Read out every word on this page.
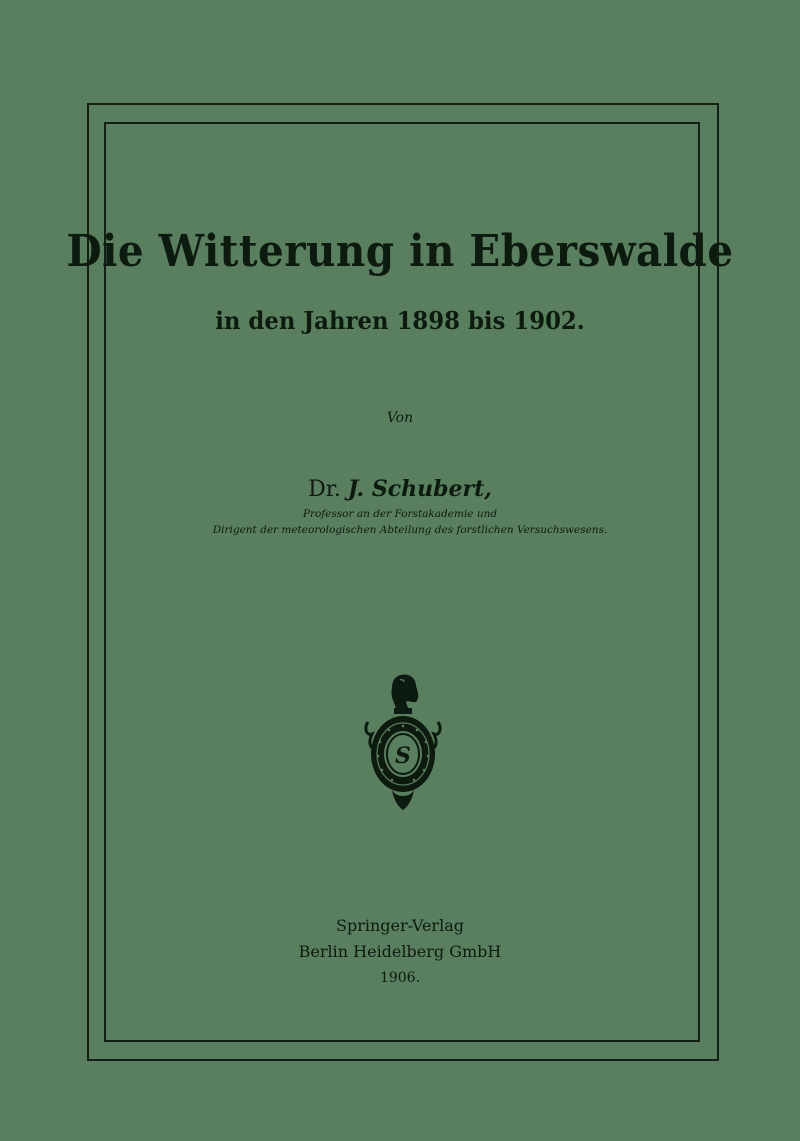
Die Witterung in Eberswalde
in den Jahren 1898 bis 1902.
Von
Dr. J. Schubert,
Professor an der Forstakademie und
Dirigent der meteorologischen Abteilung des forstlichen Versuchswesens.
S
Springer-Verlag
Berlin Heidelberg GmbH
1906.
